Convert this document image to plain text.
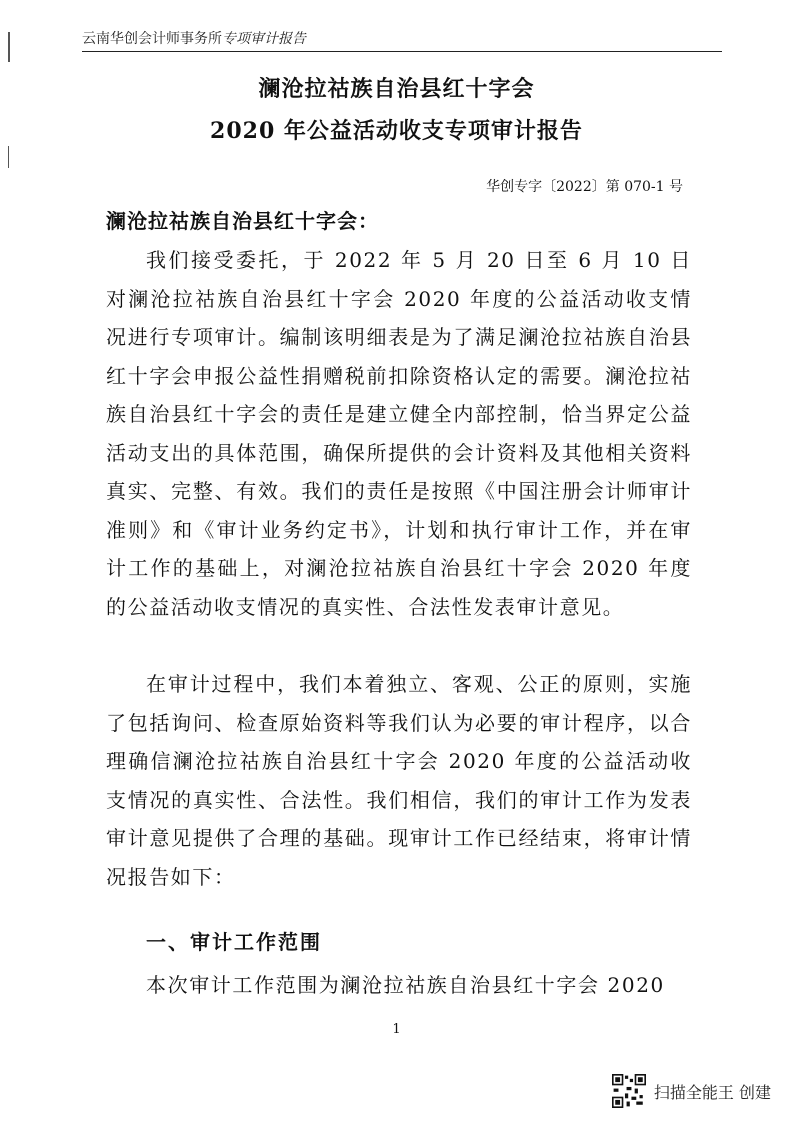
云南华创会计师事务所专项审计报告
澜沧拉祜族自治县红十字会
2020 年公益活动收支专项审计报告
华创专字〔2022〕第 070-1 号
澜沧拉祜族自治县红十字会：
我们接受委托，于 2022 年 5 月 20 日至 6 月 10 日对澜沧拉祜族自治县红十字会 2020 年度的公益活动收支情况进行专项审计。编制该明细表是为了满足澜沧拉祜族自治县红十字会申报公益性捐赠税前扣除资格认定的需要。澜沧拉祜族自治县红十字会的责任是建立健全内部控制，恰当界定公益活动支出的具体范围，确保所提供的会计资料及其他相关资料真实、完整、有效。我们的责任是按照《中国注册会计师审计准则》和《审计业务约定书》，计划和执行审计工作，并在审计工作的基础上，对澜沧拉祜族自治县红十字会 2020 年度的公益活动收支情况的真实性、合法性发表审计意见。
在审计过程中，我们本着独立、客观、公正的原则，实施了包括询问、检查原始资料等我们认为必要的审计程序，以合理确信澜沧拉祜族自治县红十字会 2020 年度的公益活动收支情况的真实性、合法性。我们相信，我们的审计工作为发表审计意见提供了合理的基础。现审计工作已经结束，将审计情况报告如下：
一、审计工作范围
本次审计工作范围为澜沧拉祜族自治县红十字会 2020
1
扫描全能王 创建
